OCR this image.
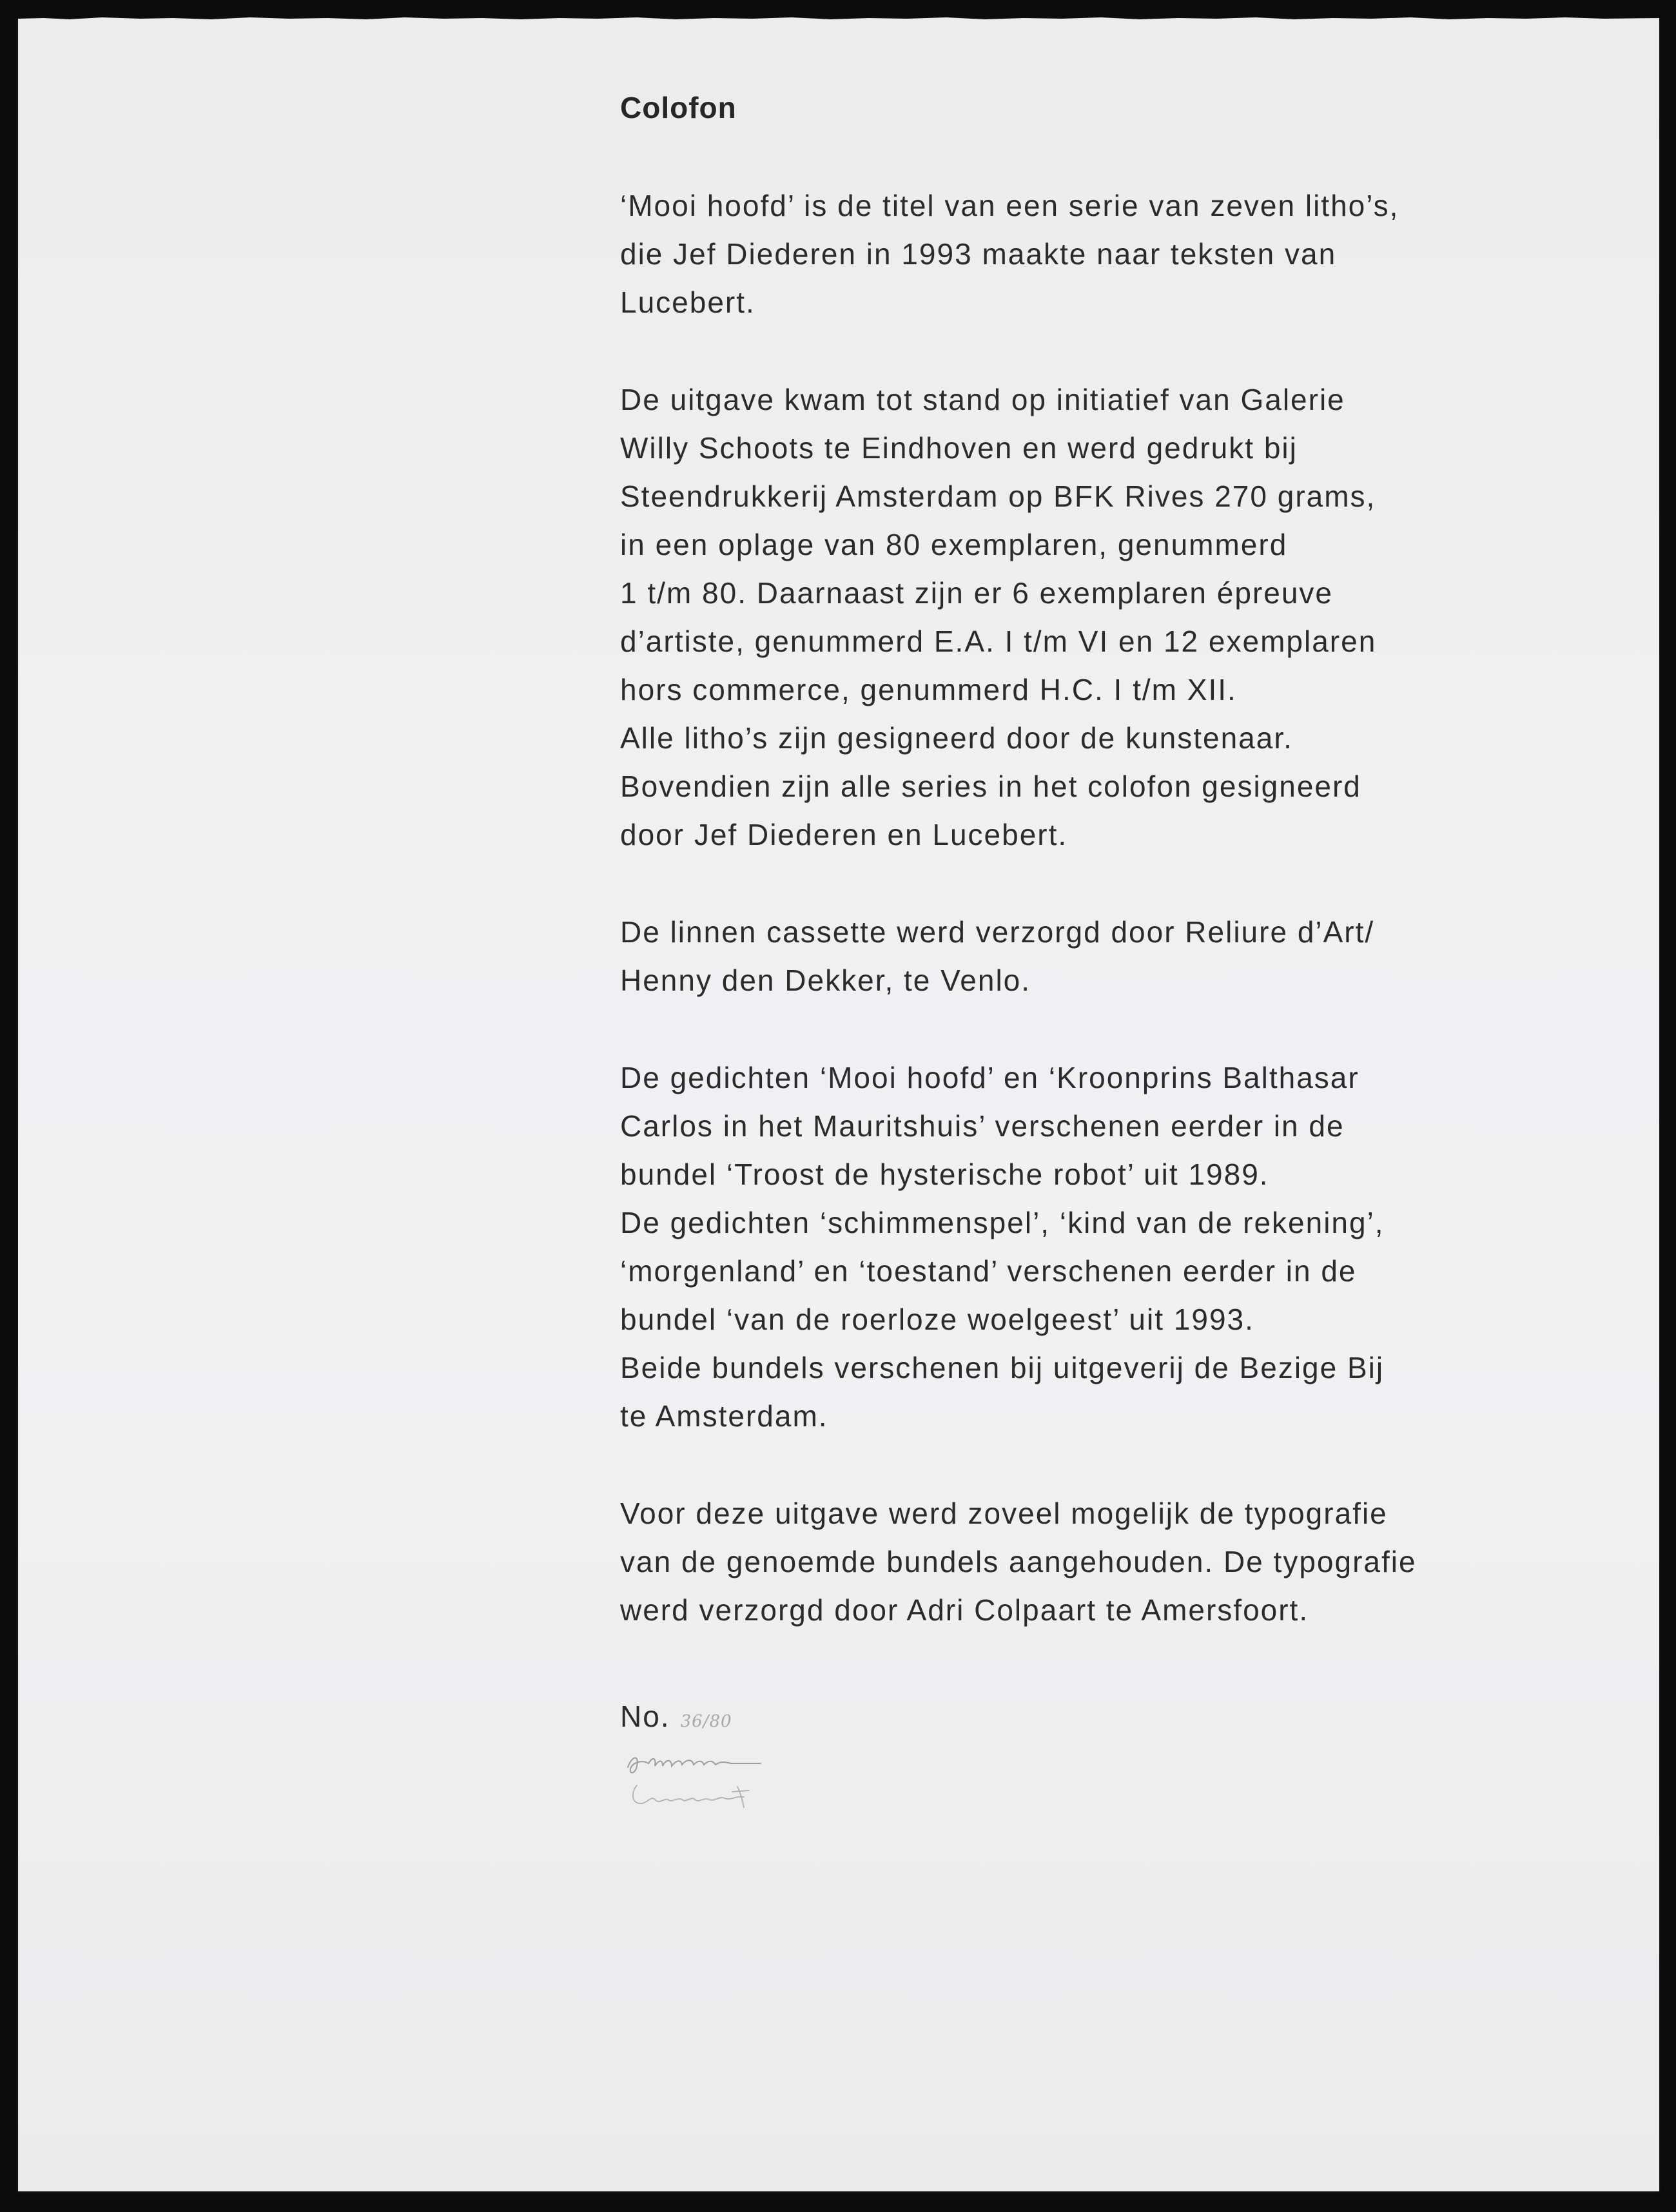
Colofon
‘Mooi hoofd’ is de titel van een serie van zeven litho’s,
die Jef Diederen in 1993 maakte naar teksten van
Lucebert.
De uitgave kwam tot stand op initiatief van Galerie
Willy Schoots te Eindhoven en werd gedrukt bij
Steendrukkerij Amsterdam op BFK Rives 270 grams,
in een oplage van 80 exemplaren, genummerd
1 t/m 80. Daarnaast zijn er 6 exemplaren épreuve
d’artiste, genummerd E.A. I t/m VI en 12 exemplaren
hors commerce, genummerd H.C. I t/m XII.
Alle litho’s zijn gesigneerd door de kunstenaar.
Bovendien zijn alle series in het colofon gesigneerd
door Jef Diederen en Lucebert.
De linnen cassette werd verzorgd door Reliure d’Art/
Henny den Dekker, te Venlo.
De gedichten ‘Mooi hoofd’ en ‘Kroonprins Balthasar
Carlos in het Mauritshuis’ verschenen eerder in de
bundel ‘Troost de hysterische robot’ uit 1989.
De gedichten ‘schimmenspel’, ‘kind van de rekening’,
‘morgenland’ en ‘toestand’ verschenen eerder in de
bundel ‘van de roerloze woelgeest’ uit 1993.
Beide bundels verschenen bij uitgeverij de Bezige Bij
te Amsterdam.
Voor deze uitgave werd zoveel mogelijk de typografie
van de genoemde bundels aangehouden. De typografie
werd verzorgd door Adri Colpaart te Amersfoort.
No. 36/80
